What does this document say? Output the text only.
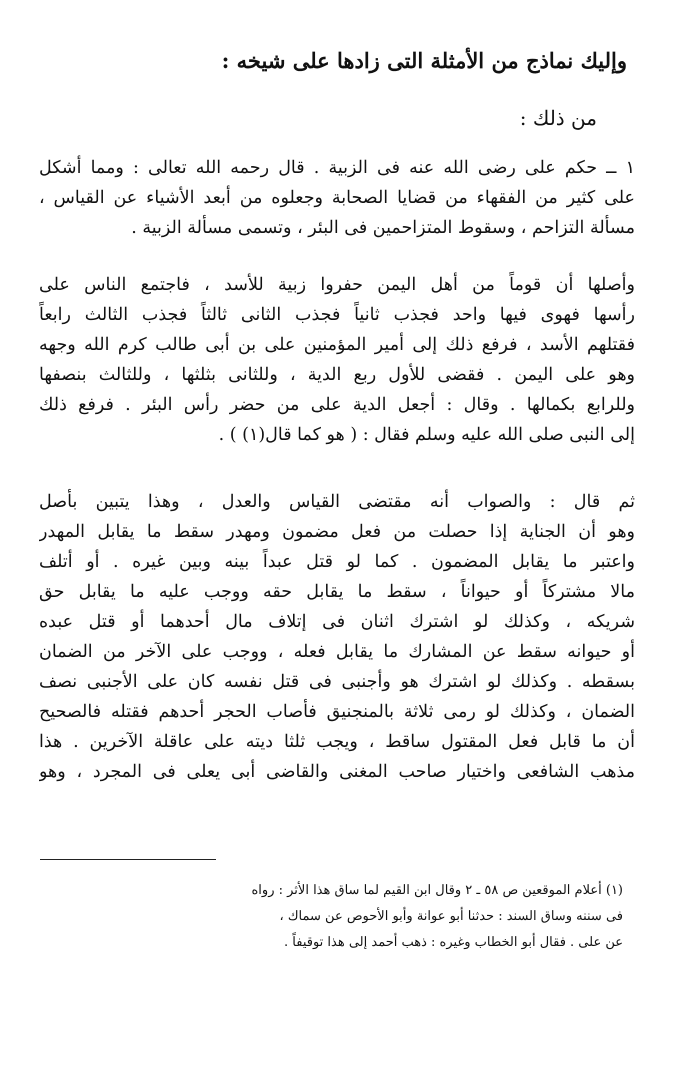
وإليك نماذج من الأمثلة التى زادها على شيخه :
من ذلك :
١ ــ حكم على رضى الله عنه فى الزبية . قال رحمه الله تعالى : ومما أشكل
على كثير من الفقهاء من قضايا الصحابة وجعلوه من أبعد الأشياء عن القياس ،
مسألة التزاحم ، وسقوط المتزاحمين فى البئر ، وتسمى مسألة الزبية .
وأصلها أن قوماً من أهل اليمن حفروا زبية للأسد ، فاجتمع الناس على
رأسها فهوى فيها واحد فجذب ثانياً فجذب الثانى ثالثاً فجذب الثالث رابعاً
فقتلهم الأسد ، فرفع ذلك إلى أمير المؤمنين على بن أبى طالب كرم الله وجهه
وهو على اليمن . فقضى للأول ربع الدية ، وللثانى بثلثها ، وللثالث بنصفها
وللرابع بكمالها . وقال : أجعل الدية على من حضر رأس البئر . فرفع ذلك
إلى النبى صلى الله عليه وسلم فقال : ( هو كما قال(١) ) .
ثم قال : والصواب أنه مقتضى القياس والعدل ، وهذا يتبين بأصل
وهو أن الجناية إذا حصلت من فعل مضمون ومهدر سقط ما يقابل المهدر
واعتبر ما يقابل المضمون . كما لو قتل عبداً بينه وبين غيره . أو أتلف
مالا مشتركاً أو حيواناً ، سقط ما يقابل حقه ووجب عليه ما يقابل حق
شريكه ، وكذلك لو اشترك اثنان فى إتلاف مال أحدهما أو قتل عبده
أو حيوانه سقط عن المشارك ما يقابل فعله ، ووجب على الآخر من الضمان
بسقطه . وكذلك لو اشترك هو وأجنبى فى قتل نفسه كان على الأجنبى نصف
الضمان ، وكذلك لو رمى ثلاثة بالمنجنيق فأصاب الحجر أحدهم فقتله فالصحيح
أن ما قابل فعل المقتول ساقط ، ويجب ثلثا ديته على عاقلة الآخرين . هذا
مذهب الشافعى واختيار صاحب المغنى والقاضى أبى يعلى فى المجرد ، وهو
(١) أعلام الموقعين ص ٥٨ ـ ٢ وقال ابن القيم لما ساق هذا الأثر : رواه
فى سننه وساق السند : حدثنا أبو عوانة وأبو الأحوص عن سماك ،
عن على . فقال أبو الخطاب وغيره : ذهب أحمد إلى هذا توقيفاً .
